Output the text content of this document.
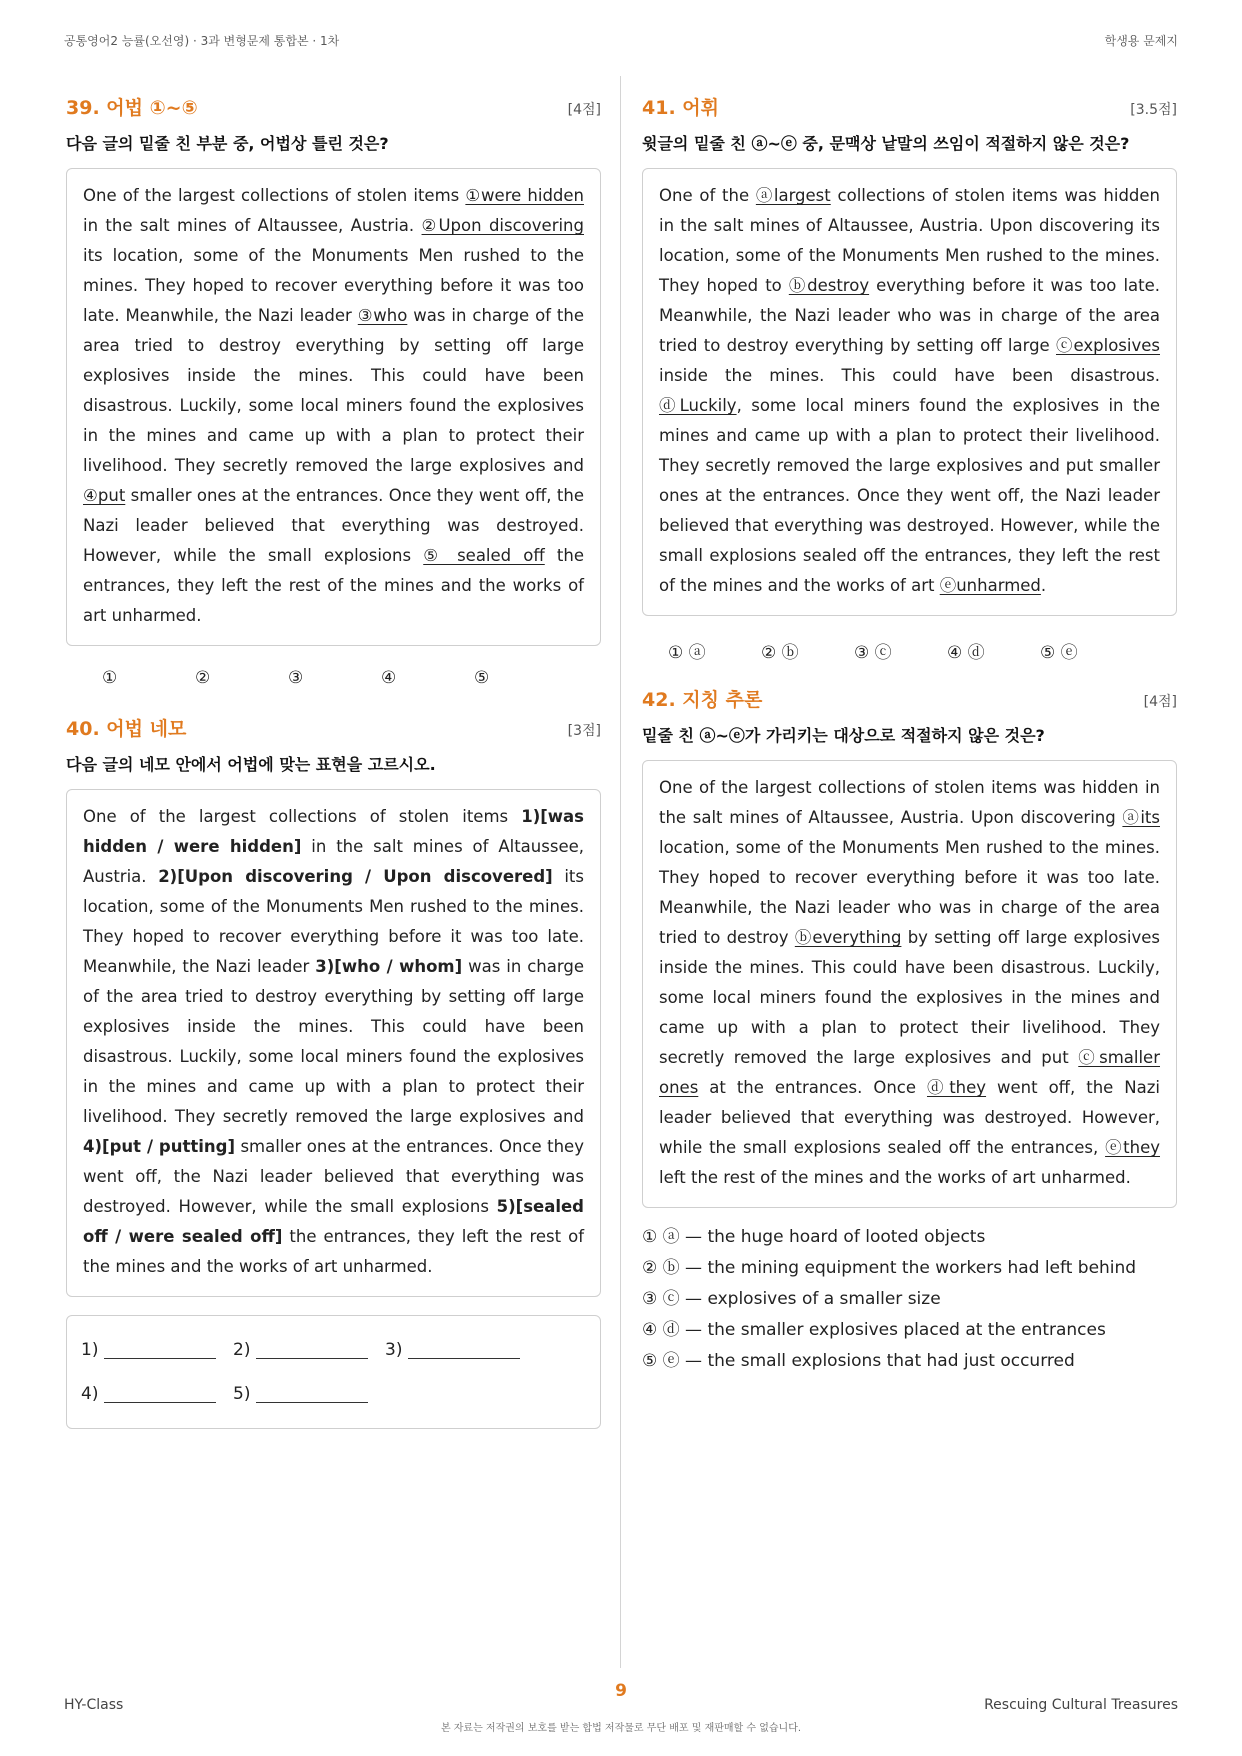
공통영어2 능률(오선영) · 3과 변형문제 통합본 · 1차	학생용 문제지
39. 어법 ①~⑤	[4점]
다음 글의 밑줄 친 부분 중, 어법상 틀린 것은?
One of the largest collections of stolen items ①were hidden in the salt mines of Altaussee, Austria. ②Upon discovering its location, some of the Monuments Men rushed to the mines. They hoped to recover everything before it was too late. Meanwhile, the Nazi leader ③who was in charge of the area tried to destroy everything by setting off large explosives inside the mines. This could have been disastrous. Luckily, some local miners found the explosives in the mines and came up with a plan to protect their livelihood. They secretly removed the large explosives and ④put smaller ones at the entrances. Once they went off, the Nazi leader believed that everything was destroyed. However, while the small explosions ⑤ sealed off the entrances, they left the rest of the mines and the works of art unharmed.
①	②	③	④	⑤
40. 어법 네모	[3점]
다음 글의 네모 안에서 어법에 맞는 표현을 고르시오.
One of the largest collections of stolen items 1)[was hidden / were hidden] in the salt mines of Altaussee, Austria. 2)[Upon discovering / Upon discovered] its location, some of the Monuments Men rushed to the mines. They hoped to recover everything before it was too late. Meanwhile, the Nazi leader 3)[who / whom] was in charge of the area tried to destroy everything by setting off large explosives inside the mines. This could have been disastrous. Luckily, some local miners found the explosives in the mines and came up with a plan to protect their livelihood. They secretly removed the large explosives and 4)[put / putting] smaller ones at the entrances. Once they went off, the Nazi leader believed that everything was destroyed. However, while the small explosions 5)[sealed off / were sealed off] the entrances, they left the rest of the mines and the works of art unharmed.
1)	2)	3)
4)	5)
41. 어휘	[3.5점]
윗글의 밑줄 친 ⓐ~ⓔ 중, 문맥상 낱말의 쓰임이 적절하지 않은 것은?
One of the ⓐlargest collections of stolen items was hidden in the salt mines of Altaussee, Austria. Upon discovering its location, some of the Monuments Men rushed to the mines. They hoped to ⓑdestroy everything before it was too late. Meanwhile, the Nazi leader who was in charge of the area tried to destroy everything by setting off large ⓒexplosives inside the mines. This could have been disastrous. ⓓLuckily, some local miners found the explosives in the mines and came up with a plan to protect their livelihood. They secretly removed the large explosives and put smaller ones at the entrances. Once they went off, the Nazi leader believed that everything was destroyed. However, while the small explosions sealed off the entrances, they left the rest of the mines and the works of art ⓔunharmed.
① ⓐ	② ⓑ	③ ⓒ	④ ⓓ	⑤ ⓔ
42. 지칭 추론	[4점]
밑줄 친 ⓐ~ⓔ가 가리키는 대상으로 적절하지 않은 것은?
One of the largest collections of stolen items was hidden in the salt mines of Altaussee, Austria. Upon discovering ⓐits location, some of the Monuments Men rushed to the mines. They hoped to recover everything before it was too late. Meanwhile, the Nazi leader who was in charge of the area tried to destroy ⓑeverything by setting off large explosives inside the mines. This could have been disastrous. Luckily, some local miners found the explosives in the mines and came up with a plan to protect their livelihood. They secretly removed the large explosives and put ⓒsmaller ones at the entrances. Once ⓓthey went off, the Nazi leader believed that everything was destroyed. However, while the small explosions sealed off the entrances, ⓔthey left the rest of the mines and the works of art unharmed.
① ⓐ — the huge hoard of looted objects
② ⓑ — the mining equipment the workers had left behind
③ ⓒ — explosives of a smaller size
④ ⓓ — the smaller explosives placed at the entrances
⑤ ⓔ — the small explosions that had just occurred
HY-Class
9
Rescuing Cultural Treasures
본 자료는 저작권의 보호를 받는 합법 저작물로 무단 배포 및 재판매할 수 없습니다.
